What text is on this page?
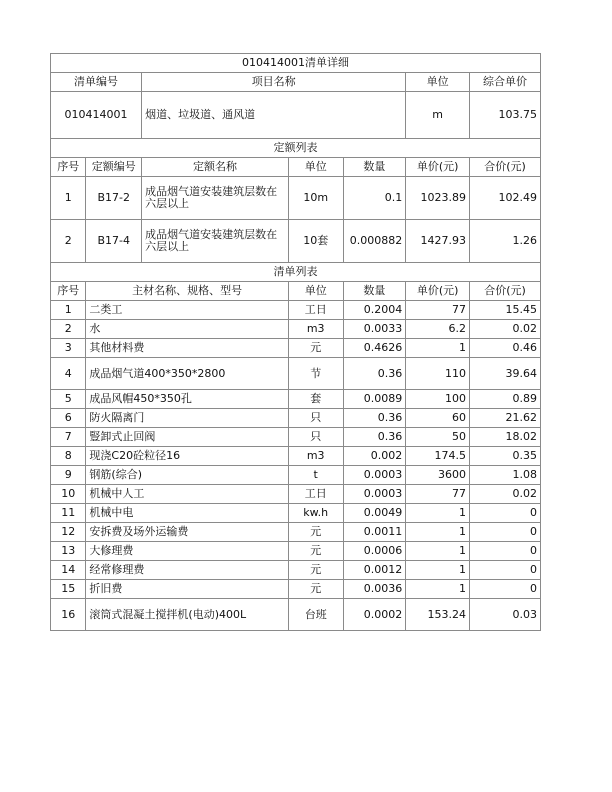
010414001清单详细						
清单编号		项目名称			单位	综合单价
010414001		烟道、垃圾道、通风道			m	103.75
定额列表						
序号	定额编号	定额名称	单位	数量	单价(元)	合价(元)
1	B17-2	成品烟气道安装建筑层数在六层以上	10m	0.1	1023.89	102.49
2	B17-4	成品烟气道安装建筑层数在六层以上	10套	0.000882	1427.93	1.26
清单列表						
序号	主材名称、规格、型号		单位	数量	单价(元)	合价(元)
1	二类工		工日	0.2004	77	15.45
2	水		m3	0.0033	6.2	0.02
3	其他材料费		元	0.4626	1	0.46
4	成品烟气道400*350*2800		节	0.36	110	39.64
5	成品风帽450*350孔		套	0.0089	100	0.89
6	防火隔离门		只	0.36	60	21.62
7	豎卸式止回阀		只	0.36	50	18.02
8	现浇C20砼粒径16		m3	0.002	174.5	0.35
9	钢筋(综合)		t	0.0003	3600	1.08
10	机械中人工		工日	0.0003	77	0.02
11	机械中电		kw.h	0.0049	1	0
12	安拆费及场外运输费		元	0.0011	1	0
13	大修理费		元	0.0006	1	0
14	经常修理费		元	0.0012	1	0
15	折旧费		元	0.0036	1	0
16	滚筒式混凝土搅拌机(电动)400L		台班	0.0002	153.24	0.03
